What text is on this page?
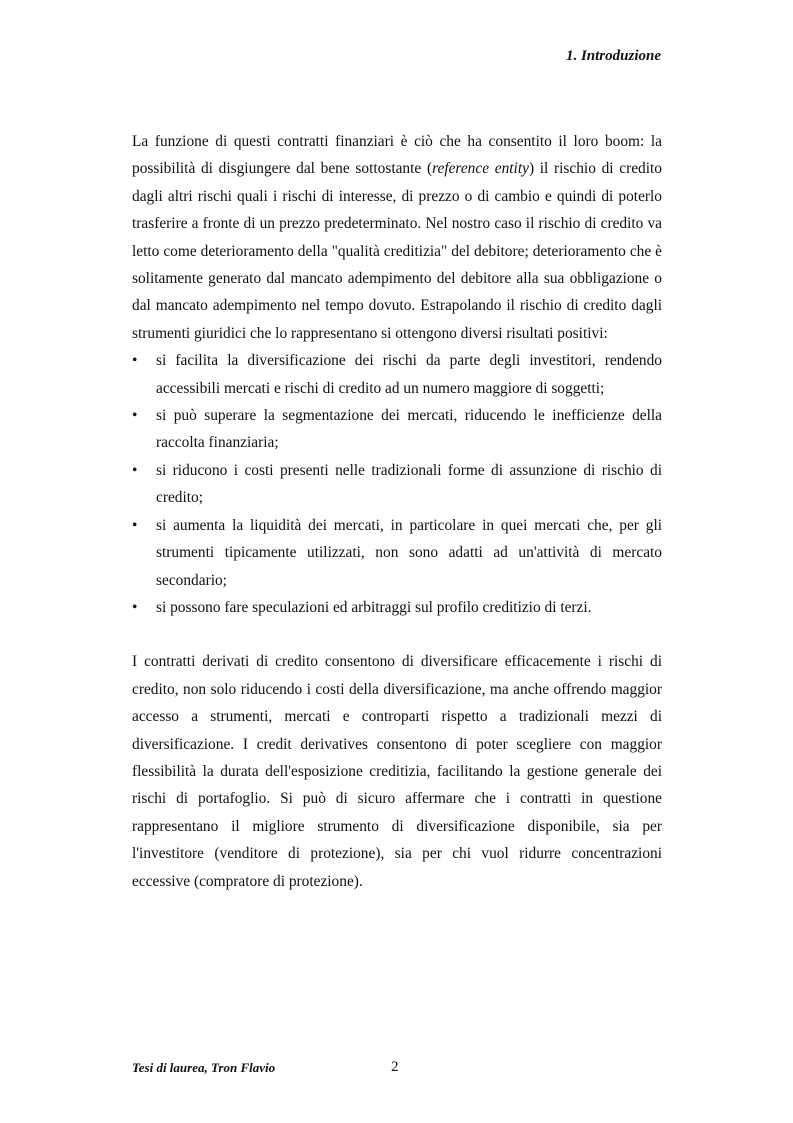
1. Introduzione

La funzione di questi contratti finanziari è ciò che ha consentito il loro boom: la possibilità di disgiungere dal bene sottostante (reference entity) il rischio di credito dagli altri rischi quali i rischi di interesse, di prezzo o di cambio e quindi di poterlo trasferire a fronte di un prezzo predeterminato. Nel nostro caso il rischio di credito va letto come deterioramento della "qualità creditizia" del debitore; deterioramento che è solitamente generato dal mancato adempimento del debitore alla sua obbligazione o dal mancato adempimento nel tempo dovuto. Estrapolando il rischio di credito dagli strumenti giuridici che lo rappresentano si ottengono diversi risultati positivi:

• si facilita la diversificazione dei rischi da parte degli investitori, rendendo accessibili mercati e rischi di credito ad un numero maggiore di soggetti;
• si può superare la segmentazione dei mercati, riducendo le inefficienze della raccolta finanziaria;
• si riducono i costi presenti nelle tradizionali forme di assunzione di rischio di credito;
• si aumenta la liquidità dei mercati, in particolare in quei mercati che, per gli strumenti tipicamente utilizzati, non sono adatti ad un'attività di mercato secondario;
• si possono fare speculazioni ed arbitraggi sul profilo creditizio di terzi.

I contratti derivati di credito consentono di diversificare efficacemente i rischi di credito, non solo riducendo i costi della diversificazione, ma anche offrendo maggior accesso a strumenti, mercati e controparti rispetto a tradizionali mezzi di diversificazione. I credit derivatives consentono di poter scegliere con maggior flessibilità la durata dell'esposizione creditizia, facilitando la gestione generale dei rischi di portafoglio. Si può di sicuro affermare che i contratti in questione rappresentano il migliore strumento di diversificazione disponibile, sia per l'investitore (venditore di protezione), sia per chi vuol ridurre concentrazioni eccessive (compratore di protezione).

Tesi di laurea, Tron Flavio	2
